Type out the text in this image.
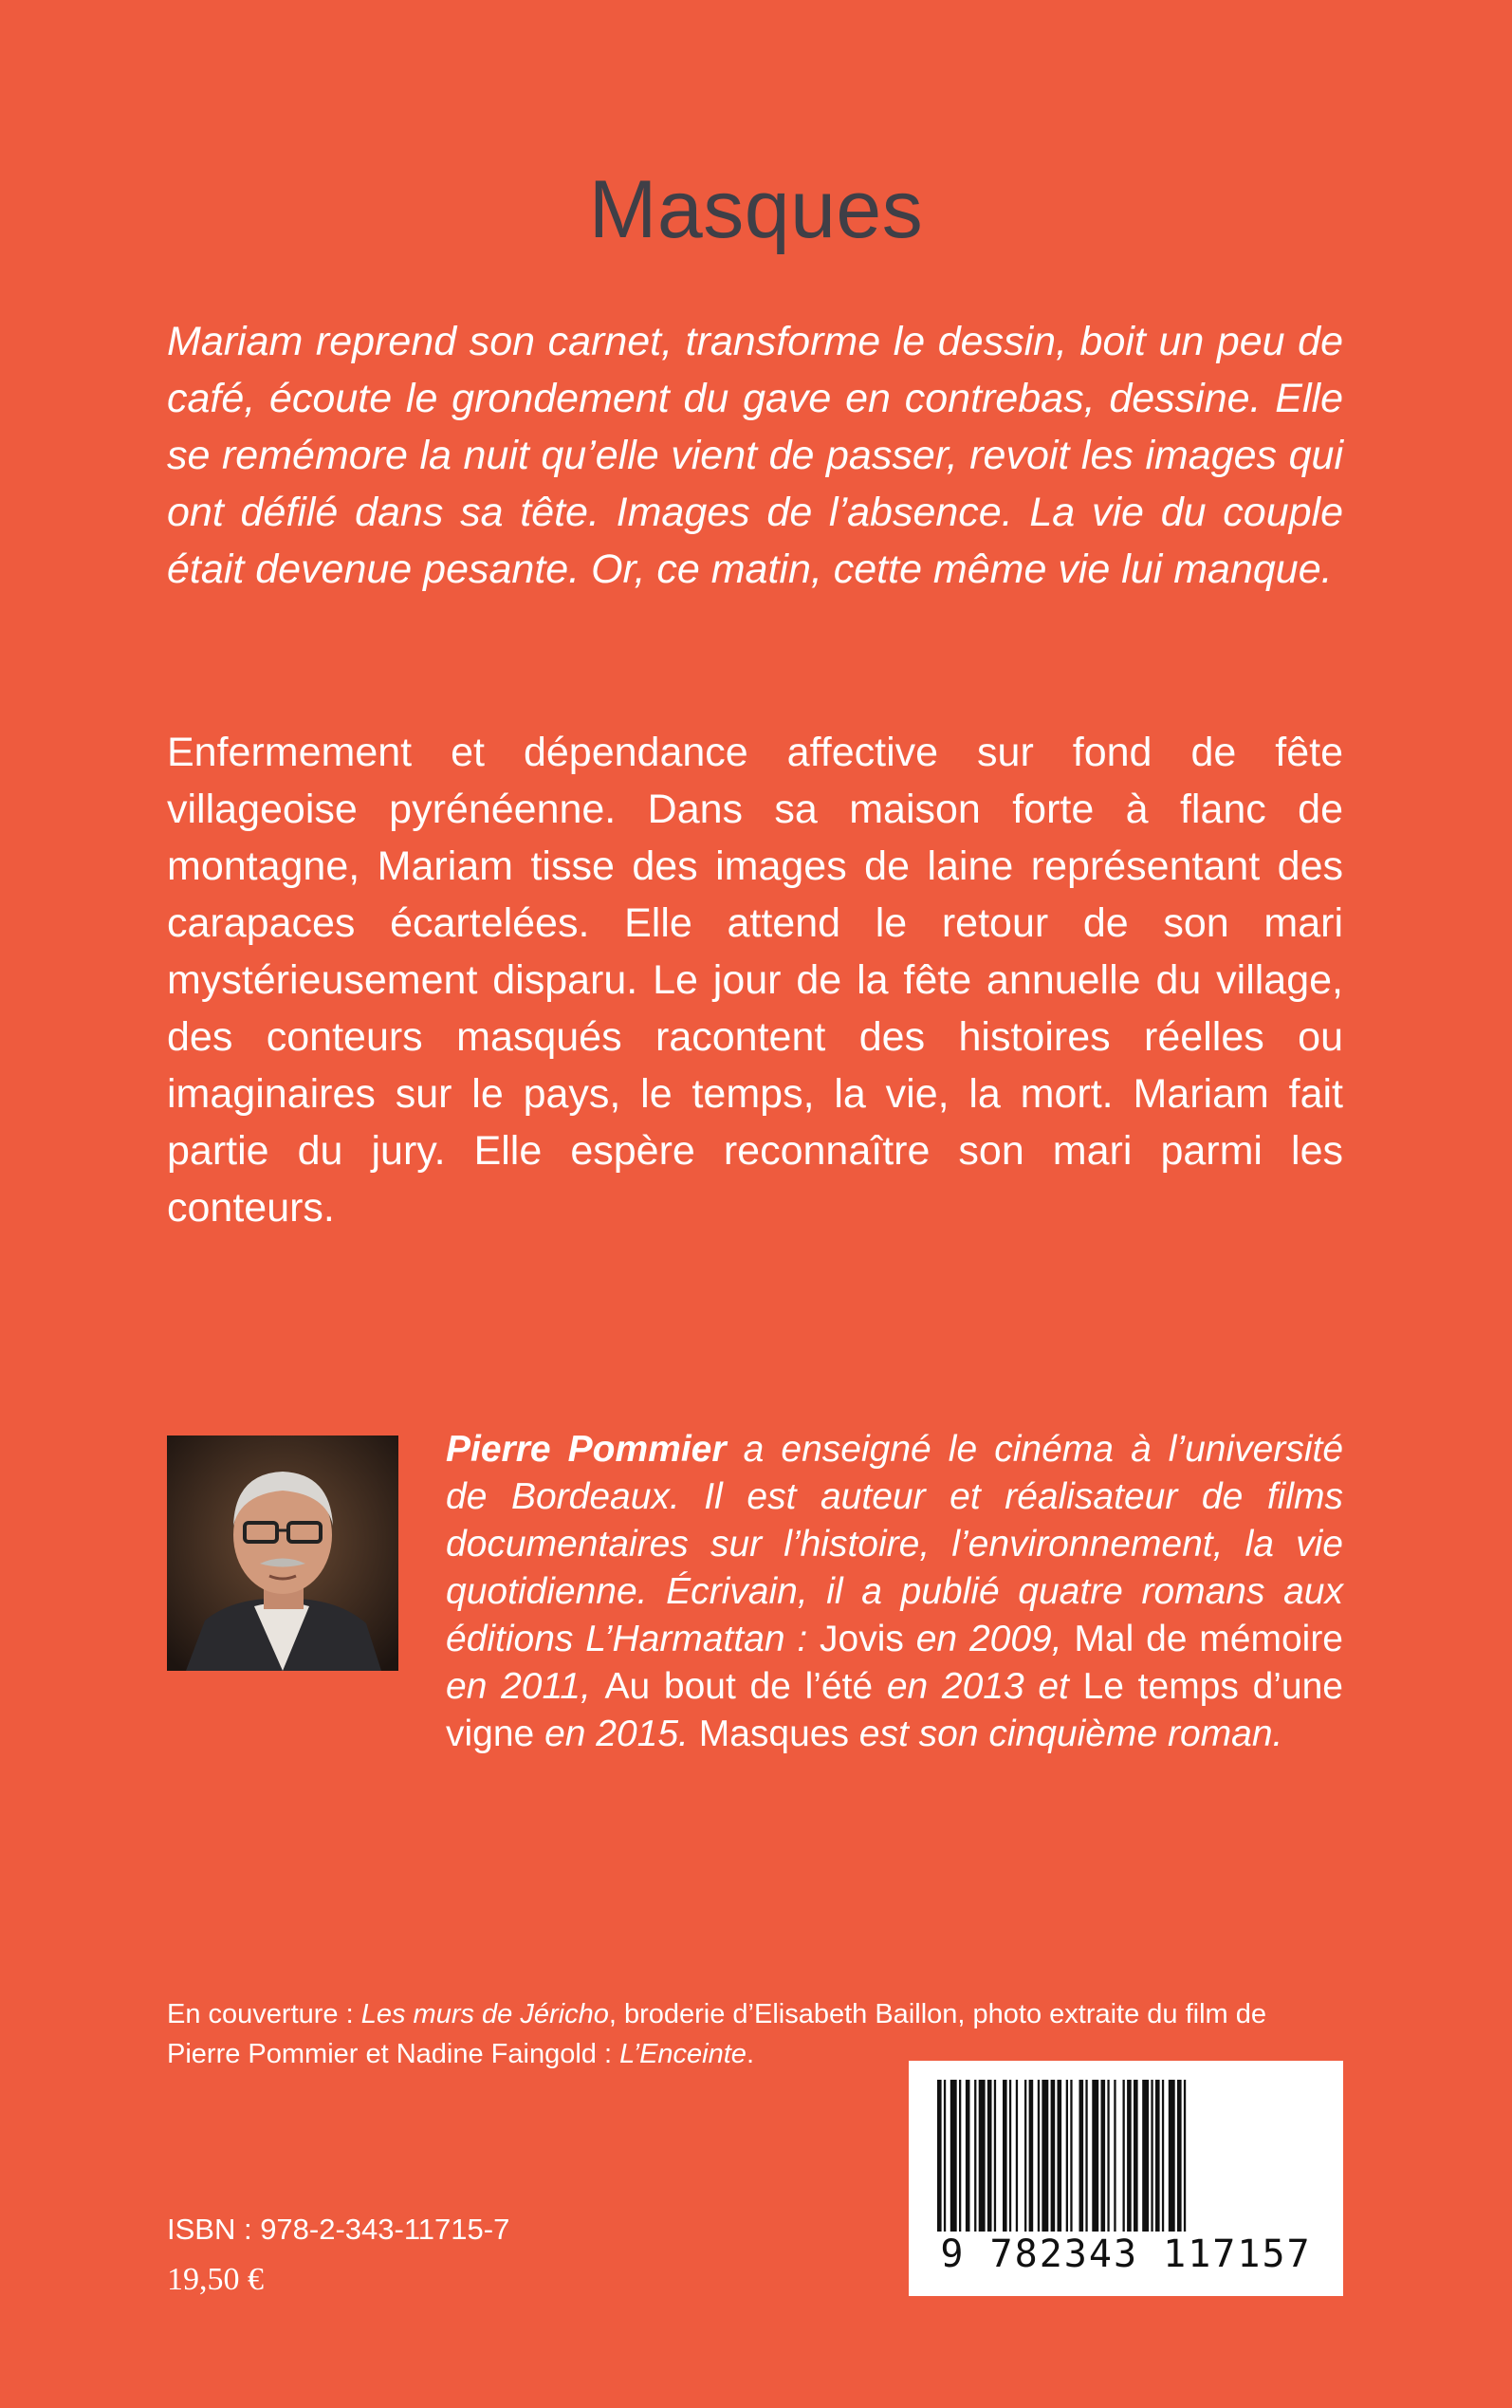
Masques

Mariam reprend son carnet, transforme le dessin, boit un peu de café, écoute le grondement du gave en contrebas, dessine. Elle se remémore la nuit qu’elle vient de passer, revoit les images qui ont défilé dans sa tête. Images de l’absence. La vie du couple était devenue pesante. Or, ce matin, cette même vie lui manque.

Enfermement et dépendance affective sur fond de fête villageoise pyrénéenne. Dans sa maison forte à flanc de montagne, Mariam tisse des images de laine représentant des carapaces écartelées. Elle attend le retour de son mari mystérieusement disparu. Le jour de la fête annuelle du village, des conteurs masqués racontent des histoires réelles ou imaginaires sur le pays, le temps, la vie, la mort. Mariam fait partie du jury. Elle espère reconnaître son mari parmi les conteurs.

Pierre Pommier a enseigné le cinéma à l’université de Bordeaux. Il est auteur et réalisateur de films documentaires sur l’histoire, l’environnement, la vie quotidienne. Écrivain, il a publié quatre romans aux éditions L’Harmattan : Jovis en 2009, Mal de mémoire en 2011, Au bout de l’été en 2013 et Le temps d’une vigne en 2015. Masques est son cinquième roman.

En couverture : Les murs de Jéricho, broderie d’Elisabeth Baillon, photo extraite du film de Pierre Pommier et Nadine Faingold : L’Enceinte.

ISBN : 978-2-343-11715-7
19,50 €
9 782343 117157
